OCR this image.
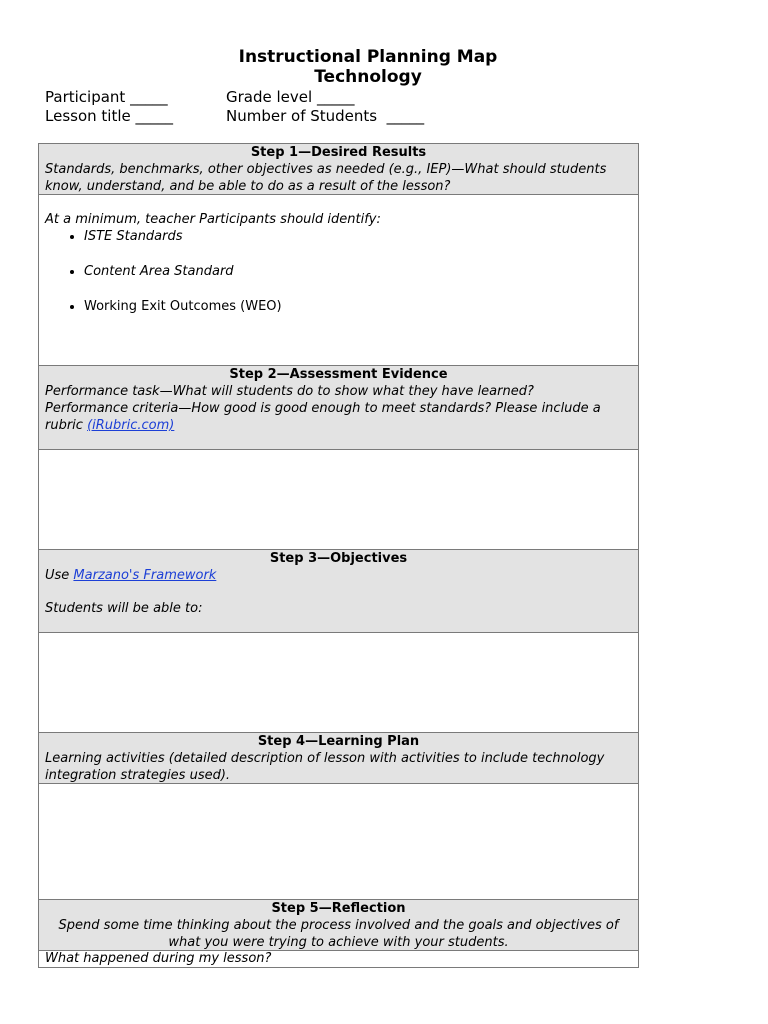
Instructional Planning Map
Technology
Participant _____	Grade level _____
Lesson title _____	Number of Students  _____
Step 1—Desired Results
Standards, benchmarks, other objectives as needed (e.g., IEP)—What should students know, understand, and be able to do as a result of the lesson?
At a minimum, teacher Participants should identify:
• ISTE Standards
• Content Area Standard
• Working Exit Outcomes (WEO)
Step 2—Assessment Evidence
Performance task—What will students do to show what they have learned?
Performance criteria—How good is good enough to meet standards? Please include a rubric (iRubric.com)
Step 3—Objectives
Use Marzano's Framework
Students will be able to:
Step 4—Learning Plan
Learning activities (detailed description of lesson with activities to include technology integration strategies used).
Step 5—Reflection
Spend some time thinking about the process involved and the goals and objectives of what you were trying to achieve with your students.
What happened during my lesson?
